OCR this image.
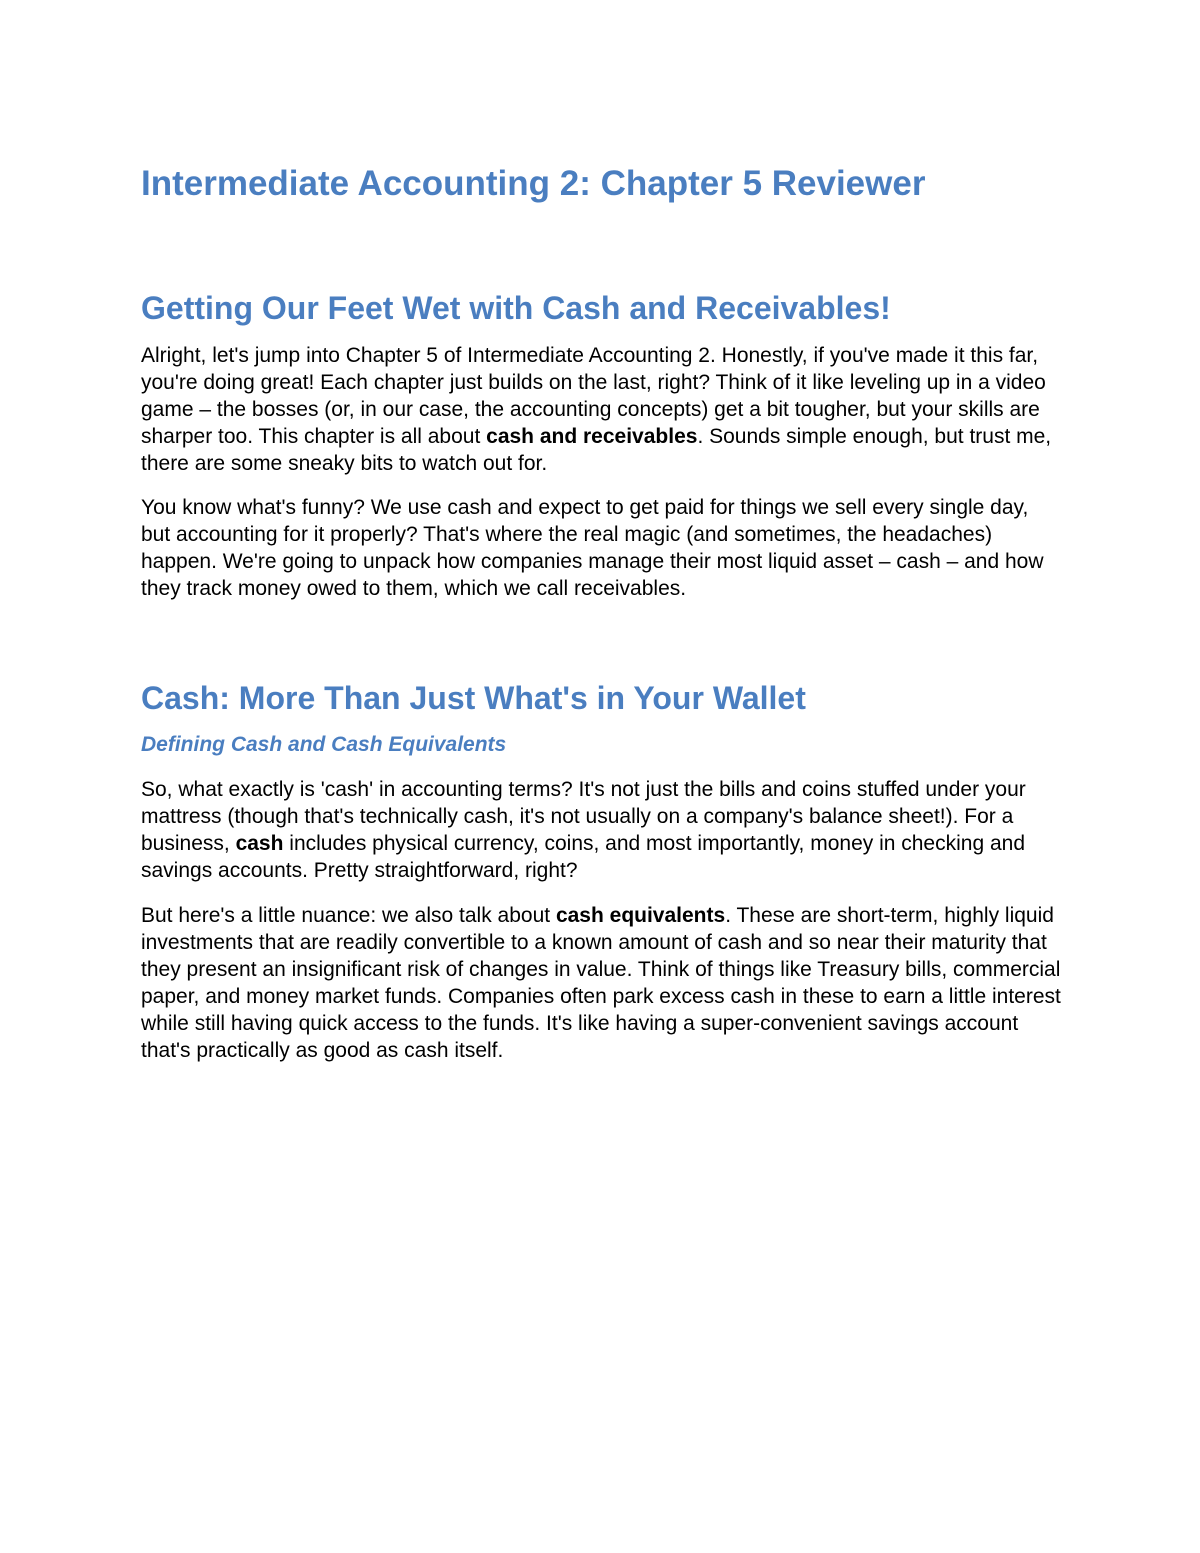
Intermediate Accounting 2: Chapter 5 Reviewer
Getting Our Feet Wet with Cash and Receivables!

Alright, let's jump into Chapter 5 of Intermediate Accounting 2. Honestly, if you've made it this far, you're doing great! Each chapter just builds on the last, right? Think of it like leveling up in a video game – the bosses (or, in our case, the accounting concepts) get a bit tougher, but your skills are sharper too. This chapter is all about cash and receivables. Sounds simple enough, but trust me, there are some sneaky bits to watch out for.

You know what's funny? We use cash and expect to get paid for things we sell every single day, but accounting for it properly? That's where the real magic (and sometimes, the headaches) happen. We're going to unpack how companies manage their most liquid asset – cash – and how they track money owed to them, which we call receivables.

Cash: More Than Just What's in Your Wallet
Defining Cash and Cash Equivalents

So, what exactly is 'cash' in accounting terms? It's not just the bills and coins stuffed under your mattress (though that's technically cash, it's not usually on a company's balance sheet!). For a business, cash includes physical currency, coins, and most importantly, money in checking and savings accounts. Pretty straightforward, right?

But here's a little nuance: we also talk about cash equivalents. These are short-term, highly liquid investments that are readily convertible to a known amount of cash and so near their maturity that they present an insignificant risk of changes in value. Think of things like Treasury bills, commercial paper, and money market funds. Companies often park excess cash in these to earn a little interest while still having quick access to the funds. It's like having a super-convenient savings account that's practically as good as cash itself.
